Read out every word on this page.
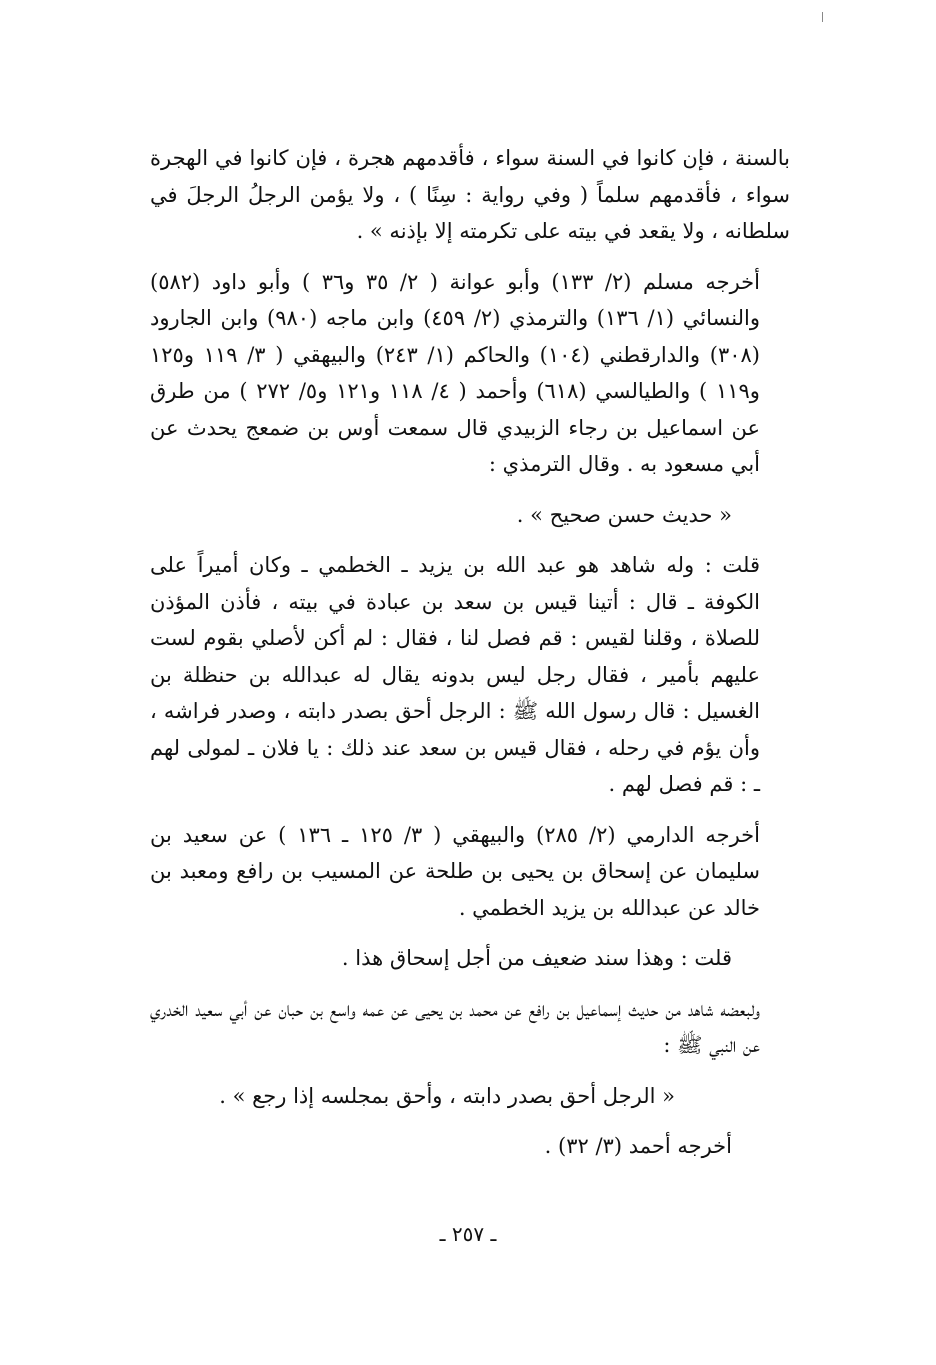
بالسنة ، فإن كانوا في السنة سواء ، فأقدمهم هجرة ، فإن كانوا في الهجرة سواء ، فأقدمهم سلماً ( وفي رواية : سِنًا ) ، ولا يؤمن الرجلُ الرجلَ في سلطانه ، ولا يقعد في بيته على تكرمته إلا بإذنه » .

أخرجه مسلم (٢/ ١٣٣) وأبو عوانة ( ٢/ ٣٥ و٣٦ ) وأبو داود (٥٨٢) والنسائي (١/ ١٣٦) والترمذي (٢/ ٤٥٩) وابن ماجه (٩٨٠) وابن الجارود (٣٠٨) والدارقطني (١٠٤) والحاكم (١/ ٢٤٣) والبيهقي ( ٣/ ١١٩ و١٢٥ و١١٩ ) والطيالسي (٦١٨) وأحمد ( ٤/ ١١٨ و١٢١ و٥/ ٢٧٢ ) من طرق عن اسماعيل بن رجاء الزبيدي قال سمعت أوس بن ضمعج يحدث عن أبي مسعود به . وقال الترمذي :

« حديث حسن صحيح » .

قلت : وله شاهد هو عبد الله بن يزيد ـ الخطمي ـ وكان أميراً على الكوفة ـ قال : أتينا قيس بن سعد بن عبادة في بيته ، فأذن المؤذن للصلاة ، وقلنا لقيس : قم فصل لنا ، فقال : لم أكن لأصلي بقوم لست عليهم بأمير ، فقال رجل ليس بدونه يقال له عبدالله بن حنظلة بن الغسيل : قال رسول الله ﷺ : الرجل أحق بصدر دابته ، وصدر فراشه ، وأن يؤم في رحله ، فقال قيس بن سعد عند ذلك : يا فلان ـ لمولى لهم ـ : قم فصل لهم .

أخرجه الدارمي (٢/ ٢٨٥) والبيهقي ( ٣/ ١٢٥ ـ ١٣٦ ) عن سعيد بن سليمان عن إسحاق بن يحيى بن طلحة عن المسيب بن رافع ومعبد بن خالد عن عبدالله بن يزيد الخطمي .

قلت : وهذا سند ضعيف من أجل إسحاق هذا .

ولبعضه شاهد من حديث إسماعيل بن رافع عن محمد بن يحيى عن عمه واسع بن حبان عن أبي سعيد الخدري عن النبي ﷺ :

« الرجل أحق بصدر دابته ، وأحق بمجلسه إذا رجع » .

أخرجه أحمد (٣/ ٣٢) .

ـ ٢٥٧ ـ
